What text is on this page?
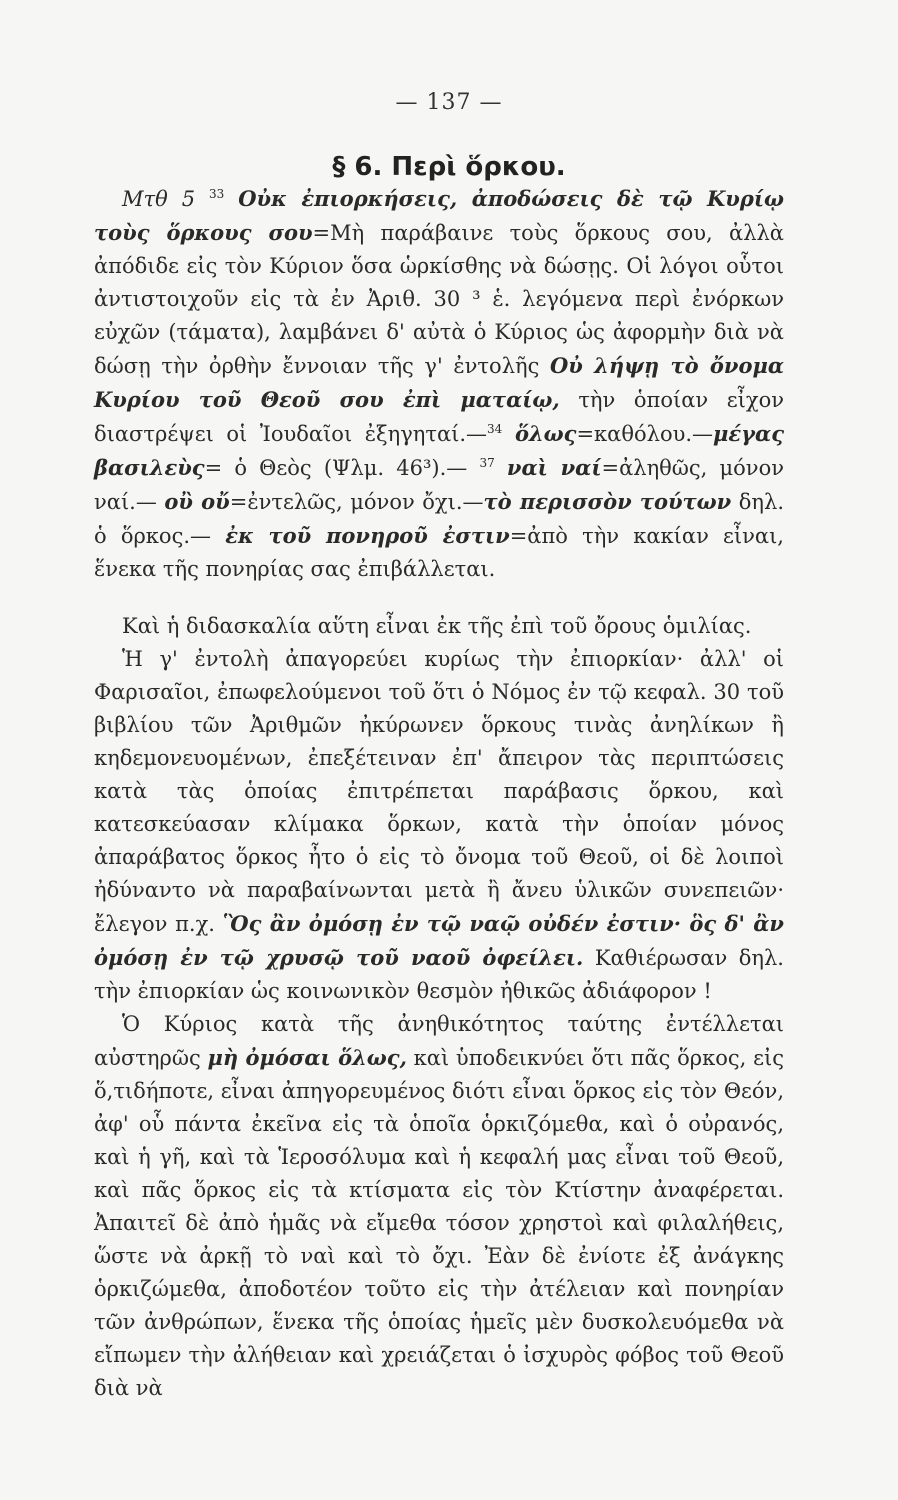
— 137 —
§ 6. Περὶ ὅρκου.

Μτθ 5 $^{33}$ Οὐκ ἐπιορκήσεις, ἀποδώσεις δὲ τῷ Κυρίῳ τοὺς ὅρκους σου=Μὴ παράβαινε τοὺς ὅρκους σου, ἀλλὰ ἀπόδιδε εἰς τὸν Κύριον ὅσα ὡρκίσθης νὰ δώσῃς. Οἱ λόγοι οὗτοι ἀντιστοιχοῦν εἰς τὰ ἐν Ἀριθ. 30 ³ ἑ. λεγόμενα περὶ ἐνόρκων εὐχῶν (τάματα), λαμβάνει δ' αὐτὰ ὁ Κύριος ὡς ἀφορμὴν διὰ νὰ δώσῃ τὴν ὀρθὴν ἔννοιαν τῆς γ' ἐντολῆς Οὐ λήψῃ τὸ ὄνομα Κυρίου τοῦ Θεοῦ σου ἐπὶ ματαίῳ, τὴν ὁποίαν εἶχον διαστρέψει οἱ Ἰουδαῖοι ἐξηγηταί.—$^{34}$ ὅλως=καθόλου.—μέγας βασιλεὺς= ὁ Θεὸς (Ψλμ. 46³).— $^{37}$ ναὶ ναί=ἀληθῶς, μόνον ναί.— οὒ οὔ=ἐντελῶς, μόνον ὄχι.—τὸ περισσὸν τούτων δηλ. ὁ ὅρκος.— ἐκ τοῦ πονηροῦ ἐστιν=ἀπὸ τὴν κακίαν εἶναι, ἕνεκα τῆς πονηρίας σας ἐπιβάλλεται.

Καὶ ἡ διδασκαλία αὕτη εἶναι ἐκ τῆς ἐπὶ τοῦ ὄρους ὁμιλίας.

Ἡ γ' ἐντολὴ ἀπαγορεύει κυρίως τὴν ἐπιορκίαν· ἀλλ' οἱ Φαρισαῖοι, ἐπωφελούμενοι τοῦ ὅτι ὁ Νόμος ἐν τῷ κεφαλ. 30 τοῦ βιβλίου τῶν Ἀριθμῶν ἠκύρωνεν ὅρκους τινὰς ἀνηλίκων ἢ κηδεμονευομένων, ἐπεξέτειναν ἐπ' ἄπειρον τὰς περιπτώσεις κατὰ τὰς ὁποίας ἐπιτρέπεται παράβασις ὅρκου, καὶ κατεσκεύασαν κλίμακα ὅρκων, κατὰ τὴν ὁποίαν μόνος ἀπαράβατος ὅρκος ἦτο ὁ εἰς τὸ ὄνομα τοῦ Θεοῦ, οἱ δὲ λοιποὶ ἠδύναντο νὰ παραβαίνωνται μετὰ ἢ ἄνευ ὑλικῶν συνεπειῶν· ἔλεγον π.χ. Ὃς ἂν ὀμόσῃ ἐν τῷ ναῷ οὐδέν ἐστιν· ὃς δ' ἂν ὀμόσῃ ἐν τῷ χρυσῷ τοῦ ναοῦ ὀφείλει. Καθιέρωσαν δηλ. τὴν ἐπιορκίαν ὡς κοινωνικὸν θεσμὸν ἠθικῶς ἀδιάφορον !

Ὁ Κύριος κατὰ τῆς ἀνηθικότητος ταύτης ἐντέλλεται αὐστηρῶς μὴ ὀμόσαι ὅλως, καὶ ὑποδεικνύει ὅτι πᾶς ὅρκος, εἰς ὅ,τιδήποτε, εἶναι ἀπηγορευμένος διότι εἶναι ὅρκος εἰς τὸν Θεόν, ἀφ' οὗ πάντα ἐκεῖνα εἰς τὰ ὁποῖα ὁρκιζόμεθα, καὶ ὁ οὐρανός, καὶ ἡ γῆ, καὶ τὰ Ἱεροσόλυμα καὶ ἡ κεφαλή μας εἶναι τοῦ Θεοῦ, καὶ πᾶς ὅρκος εἰς τὰ κτίσματα εἰς τὸν Κτίστην ἀναφέρεται. Ἀπαιτεῖ δὲ ἀπὸ ἡμᾶς νὰ εἴμεθα τόσον χρηστοὶ καὶ φιλαλήθεις, ὥστε νὰ ἀρκῇ τὸ ναὶ καὶ τὸ ὄχι. Ἐὰν δὲ ἐνίοτε ἐξ ἀνάγκης ὁρκιζώμεθα, ἀποδοτέον τοῦτο εἰς τὴν ἀτέλειαν καὶ πονηρίαν τῶν ἀνθρώπων, ἕνεκα τῆς ὁποίας ἡμεῖς μὲν δυσκολευόμεθα νὰ εἴπωμεν τὴν ἀλήθειαν καὶ χρειάζεται ὁ ἰσχυρὸς φόβος τοῦ Θεοῦ διὰ νὰ
